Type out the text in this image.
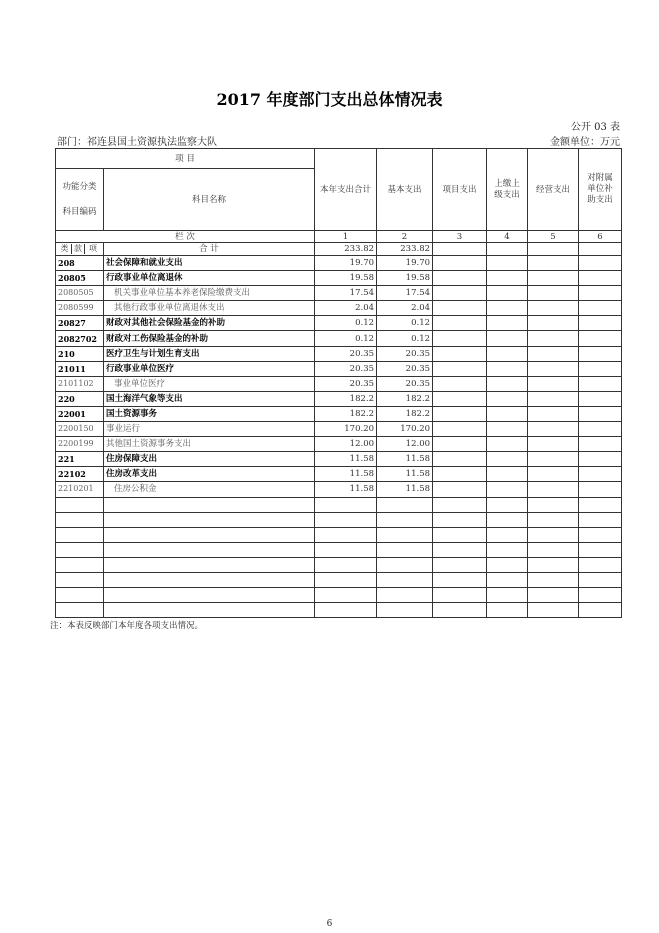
2017 年度部门支出总体情况表
公开 03 表
部门：祁连县国土资源执法监察大队	金额单位：万元
项 目		本年支出合计	基本支出	项目支出	上缴上级支出	经营支出	对附属单位补助支出

功能分类
科目编码	科目名称						
栏 次		1	2	3	4	5	6

类 款 项	合 计	233.82	233.82				
208	社会保障和就业支出	19.70	19.70				
20805	行政事业单位离退休	19.58	19.58				
2080505	机关事业单位基本养老保险缴费支出	17.54	17.54				
2080599	其他行政事业单位离退休支出	2.04	2.04				
20827	财政对其他社会保险基金的补助	0.12	0.12				
2082702	财政对工伤保险基金的补助	0.12	0.12				
210	医疗卫生与计划生育支出	20.35	20.35				
21011	行政事业单位医疗	20.35	20.35				
2101102	事业单位医疗	20.35	20.35				
220	国土海洋气象等支出	182.2	182.2				
22001	国土资源事务	182.2	182.2				
2200150	事业运行	170.20	170.20				
2200199	其他国土资源事务支出	12.00	12.00				
221	住房保障支出	11.58	11.58				
22102	住房改革支出	11.58	11.58				
2210201	住房公积金	11.58	11.58				

注：本表反映部门本年度各项支出情况。
6
